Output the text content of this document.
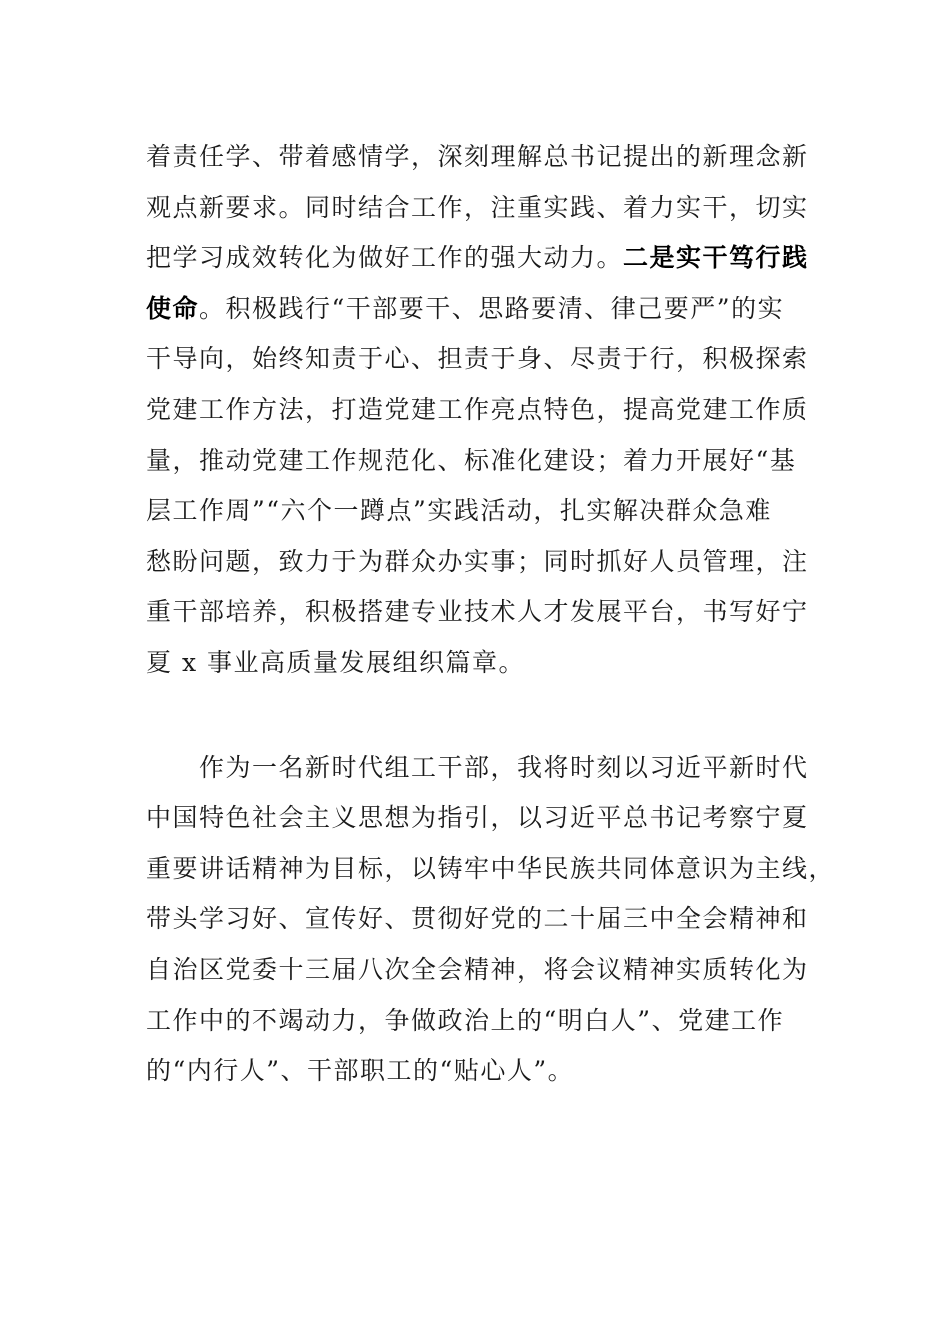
着责任学、带着感情学，深刻理解总书记提出的新理念新
观点新要求。同时结合工作，注重实践、着力实干，切实
把学习成效转化为做好工作的强大动力。二是实干笃行践
使命。积极践行“干部要干、思路要清、律己要严”的实
干导向，始终知责于心、担责于身、尽责于行，积极探索
党建工作方法，打造党建工作亮点特色，提高党建工作质
量，推动党建工作规范化、标准化建设；着力开展好“基
层工作周”“六个一蹲点”实践活动，扎实解决群众急难
愁盼问题，致力于为群众办实事；同时抓好人员管理，注
重干部培养，积极搭建专业技术人才发展平台，书写好宁
夏 x 事业高质量发展组织篇章。
　　作为一名新时代组工干部，我将时刻以习近平新时代
中国特色社会主义思想为指引，以习近平总书记考察宁夏
重要讲话精神为目标，以铸牢中华民族共同体意识为主线，
带头学习好、宣传好、贯彻好党的二十届三中全会精神和
自治区党委十三届八次全会精神，将会议精神实质转化为
工作中的不竭动力，争做政治上的“明白人”、党建工作
的“内行人”、干部职工的“贴心人”。
